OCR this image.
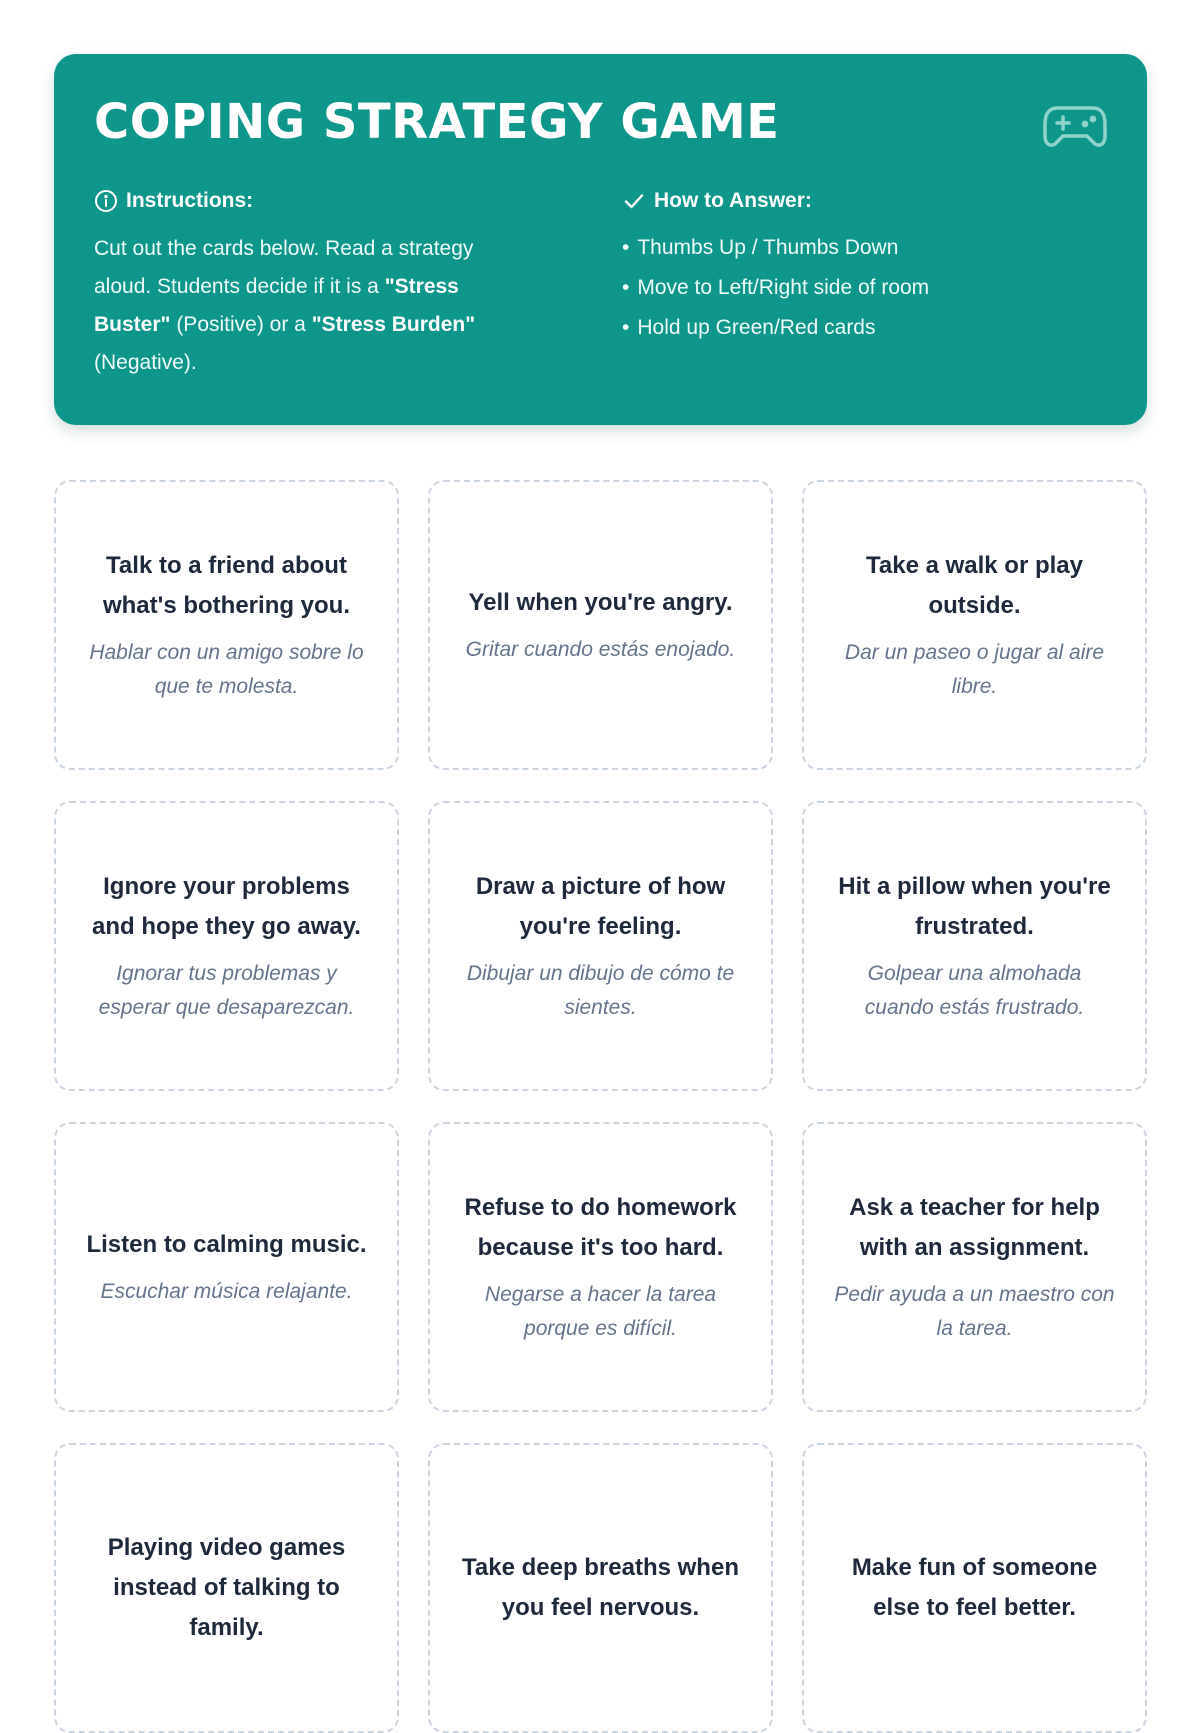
COPING STRATEGY GAME
Instructions:

Cut out the cards below. Read a strategy aloud. Students decide if it is a "Stress Buster" (Positive) or a "Stress Burden" (Negative).

How to Answer:
• Thumbs Up / Thumbs Down
• Move to Left/Right side of room
• Hold up Green/Red cards
Talk to a friend about what's bothering you.
Hablar con un amigo sobre lo que te molesta.
Yell when you're angry.
Gritar cuando estás enojado.
Take a walk or play outside.
Dar un paseo o jugar al aire libre.
Ignore your problems and hope they go away.
Ignorar tus problemas y esperar que desaparezcan.
Draw a picture of how you're feeling.
Dibujar un dibujo de cómo te sientes.
Hit a pillow when you're frustrated.
Golpear una almohada cuando estás frustrado.
Listen to calming music.
Escuchar música relajante.
Refuse to do homework because it's too hard.
Negarse a hacer la tarea porque es difícil.
Ask a teacher for help with an assignment.
Pedir ayuda a un maestro con la tarea.
Playing video games instead of talking to family.
Take deep breaths when you feel nervous.
Make fun of someone else to feel better.
